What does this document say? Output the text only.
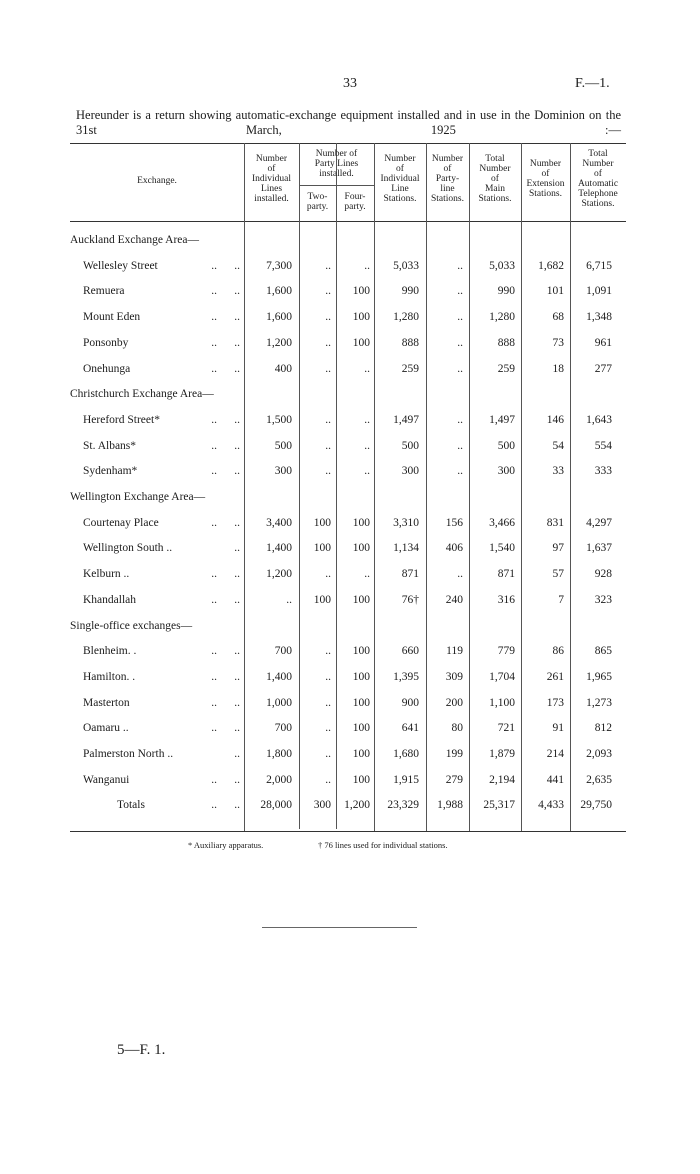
33	F.—1.
Hereunder is a return showing automatic-exchange equipment installed and in use in the Dominion on the 31st March, 1925 :—
Auckland Exchange Area—
Wellesley Street	..      .. 7,300	..	.. 5,033	.. 5,033 1,682 6,715
Remuera	..      .. 1,600	.. 100	990	..	990	101 1,091
Mount Eden	..      .. 1,600	.. 100 1,280	.. 1,280	68 1,348
Ponsonby	..      .. 1,200	.. 100	888	..	888	73	961
Onehunga	..      ..	400	..	..	259	..	259	18	277
Christchurch Exchange Area—
Hereford Street*	..      .. 1,500	..	.. 1,497	.. 1,497	146 1,643
St. Albans*	..      ..	500	..	..	500	..	500	54	554
Sydenham*	..      ..	300	..	..	300	..	300	33	333
Wellington Exchange Area—
Courtenay Place	..      .. 3,400 100 100 3,310 156 3,466	831 4,297
Wellington South ..	.. 1,400 100 100 1,134 406 1,540	97 1,637
Kelburn ..	..      .. 1,200	..	..	871	..	871	57	928
Khandallah	..      ..	.. 100 100	76† 240	316	7	323
Single-office exchanges—
Blenheim. .	..      ..	700	.. 100	660 119	779	86	865
Hamilton. .	..      .. 1,400	.. 100 1,395 309 1,704	261 1,965
Masterton	..      .. 1,000	.. 100	900 200 1,100	173 1,273
Oamaru ..	..      ..	700	.. 100	641	80	721	91	812
Palmerston North ..	.. 1,800	.. 100 1,680 199 1,879	214 2,093
Wanganui	..      .. 2,000	.. 100 1,915 279 2,194	441 2,635
Totals	..      .. 28,000 300 1,200 23,329 1,988 25,317 4,433 29,750
* Auxiliary apparatus.	† 76 lines used for individual stations.
5—F. 1.
Exchange.
Number
of
Individual
Lines
installed.
Number of
Party Lines
installed.
Two-
party.
Four-
party.
Number
of
Individual
Line
Stations.
Number
of
Party-
line
Stations.
Total
Number
of
Main
Stations.
Number
of
Extension
Stations.
Total
Number
of
Automatic
Telephone
Stations.
